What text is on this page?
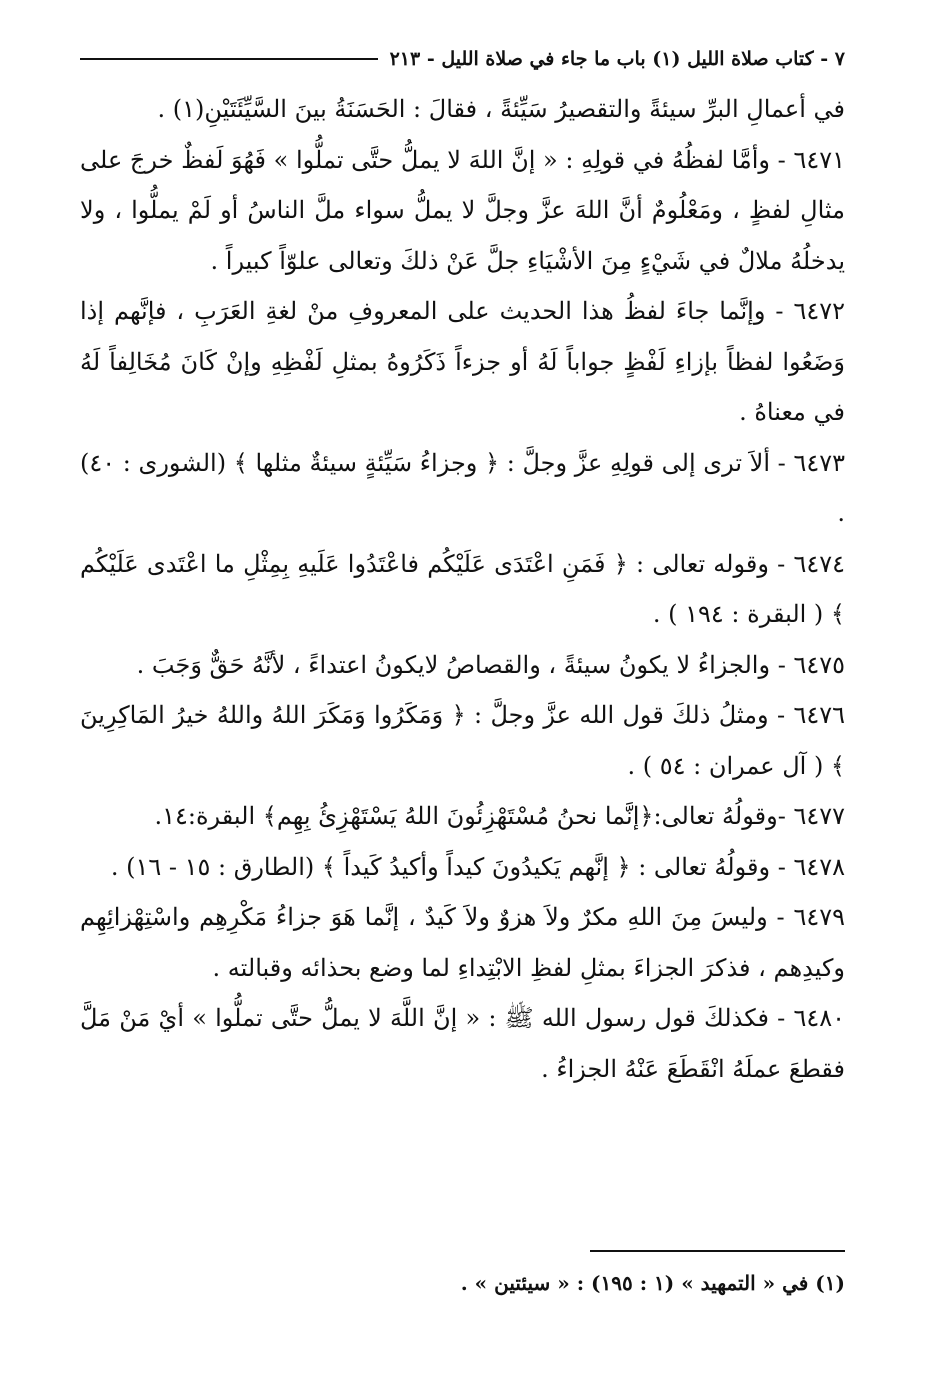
٧ - كتاب صلاة الليل (١) باب ما جاء في صلاة الليل - ٢١٣

في أعمالِ البرِّ سيئةً والتقصيرُ سَيِّئةً ، فقالَ : الحَسَنَةُ بينَ السَّيِّئَتَيْنِ(١) .

٦٤٧١ - وأمَّا لفظُهُ في قولِهِ : « إنَّ اللهَ لا يملُّ حتَّى تملُّوا » فَهُوَ لَفظٌ خرجَ على مثالِ لفظٍ ، ومَعْلُومٌ أنَّ اللهَ عزَّ وجلَّ لا يملُّ سواء ملَّ الناسُ أو لَمْ يملُّوا ، ولا يدخلُهُ ملالٌ في شَيْءٍ مِنَ الأشْيَاءِ جلَّ عَنْ ذلكَ وتعالى علوّاً كبيراً .

٦٤٧٢ - وإنَّما جاءَ لفظُ هذا الحديث على المعروفِ منْ لغةِ العَرَبِ ، فإنَّهم إذا وَضَعُوا لفظاً بإزاءِ لَفْظٍ جواباً لَهُ أو جزءاً ذَكَرُوهُ بمثلِ لَفْظِهِ وإنْ كَانَ مُخَالِفاً لَهُ في معناهُ .

٦٤٧٣ - ألاَ ترى إلى قولِهِ عزَّ وجلَّ : ﴿ وجزاءُ سَيِّئةٍ سيئةٌ مثلها ﴾ (الشورى : ٤٠) .

٦٤٧٤ - وقوله تعالى : ﴿ فَمَنِ اعْتَدَى عَلَيْكُم فاعْتَدُوا عَلَيهِ بِمِثْلِ ما اعْتَدى عَلَيْكُم ﴾ ( البقرة : ١٩٤ ) .

٦٤٧٥ - والجزاءُ لا يكونُ سيئةً ، والقصاصُ لايكونُ اعتداءً ، لأنَّهُ حَقٌّ وَجَبَ .

٦٤٧٦ - ومثلُ ذلكَ قول الله عزَّ وجلَّ : ﴿ وَمَكَرُوا وَمَكَرَ اللهُ واللهُ خيرُ المَاكِرِينَ ﴾ ( آل عمران : ٥٤ ) .

٦٤٧٧ -وقولُهُ تعالى:﴿إنَّما نحنُ مُسْتَهْزِئُونَ اللهُ يَسْتَهْزِئُ بِهِم﴾ البقرة:١٤.

٦٤٧٨ - وقولُهُ تعالى : ﴿ إنَّهم يَكيدُونَ كيداً وأكيدُ كَيداً ﴾ (الطارق : ١٥ - ١٦) .

٦٤٧٩ - وليسَ مِنَ اللهِ مكرٌ ولاَ هزوٌ ولاَ كَيدٌ ، إنَّما هَوَ جزاءُ مَكْرِهِم واسْتِهْزائِهِم وكيدِهم ، فذكرَ الجزاءَ بمثلِ لفظِ الابْتِداءِ لما وضع بحذائه وقبالته .

٦٤٨٠ - فكذلكَ قول رسول الله ﷺ : « إنَّ اللَّهَ لا يملُّ حتَّى تملُّوا » أيْ مَنْ مَلَّ فقطعَ عملَهُ انْقَطَعَ عَنْهُ الجزاءُ .

(١) في « التمهيد » (١ : ١٩٥) : « سيئتين » .
